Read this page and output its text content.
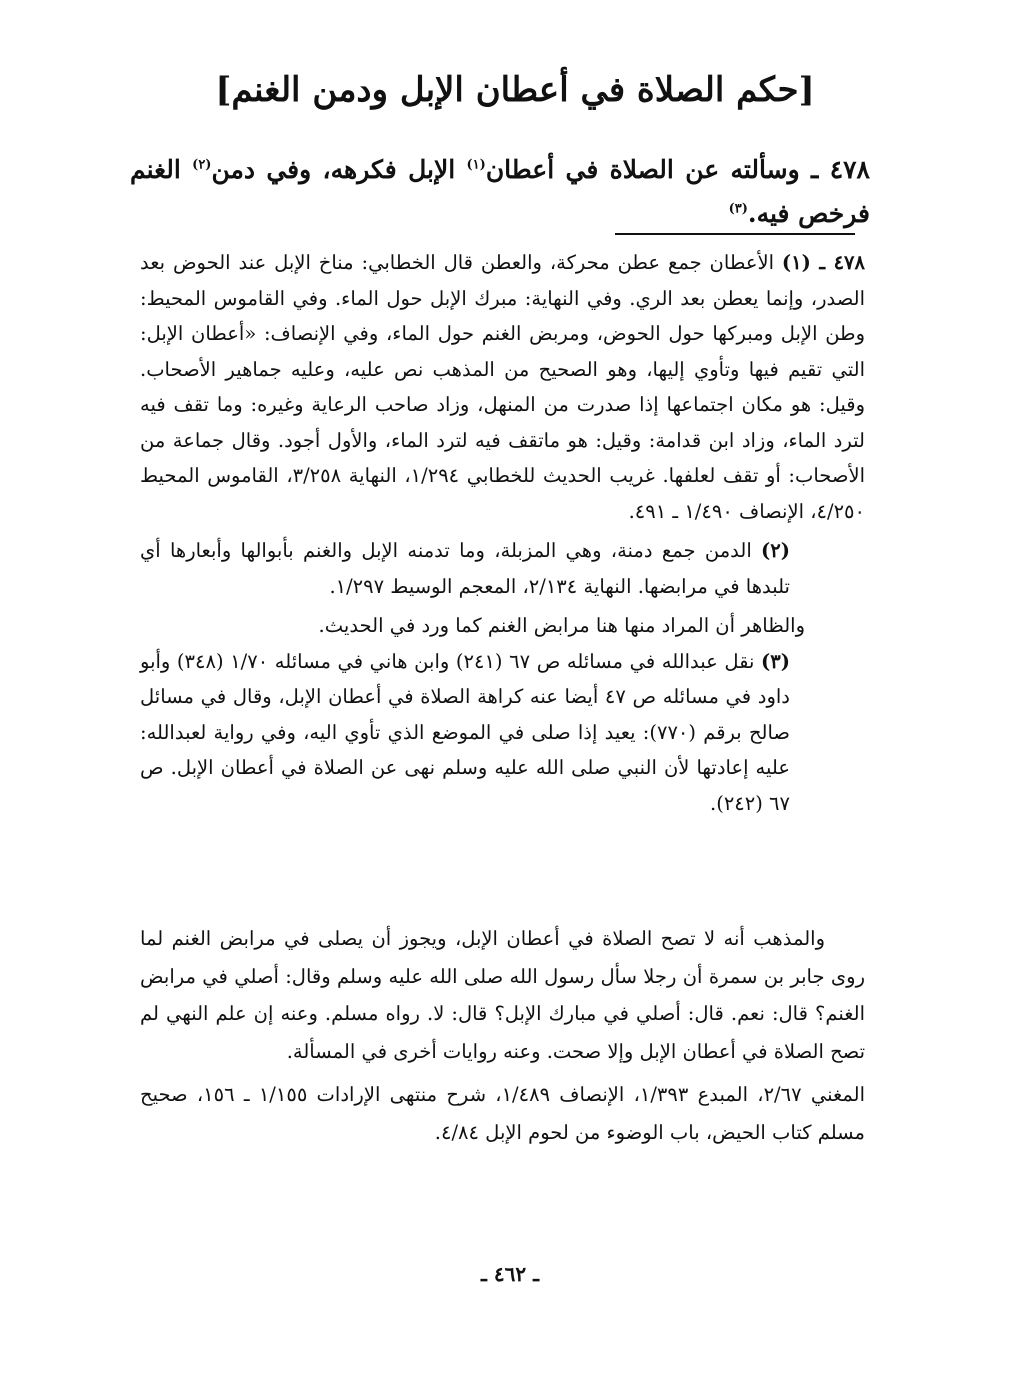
[حكم الصلاة في أعطان الإبل ودمن الغنم]
٤٧٨ ـ وسألته عن الصلاة في أعطان$^{(١)}$ الإبل فكرهه، وفي دمن$^{(٢)}$ الغنم فرخص فيه.$^{(٣)}$

٤٧٨ ـ (١) الأعطان جمع عطن محركة، والعطن قال الخطابي: مناخ الإبل عند الحوض بعد الصدر، وإنما يعطن بعد الري. وفي النهاية: مبرك الإبل حول الماء. وفي القاموس المحيط: وطن الإبل ومبركها حول الحوض، ومربض الغنم حول الماء، وفي الإنصاف: «أعطان الإبل: التي تقيم فيها وتأوي إليها، وهو الصحيح من المذهب نص عليه، وعليه جماهير الأصحاب. وقيل: هو مكان اجتماعها إذا صدرت من المنهل، وزاد صاحب الرعاية وغيره: وما تقف فيه لترد الماء، وزاد ابن قدامة: وقيل: هو ماتقف فيه لترد الماء، والأول أجود. وقال جماعة من الأصحاب: أو تقف لعلفها. غريب الحديث للخطابي ١/٢٩٤، النهاية ٣/٢٥٨، القاموس المحيط ٤/٢٥٠، الإنصاف ١/٤٩٠ ـ ٤٩١.

(٢) الدمن جمع دمنة، وهي المزبلة، وما تدمنه الإبل والغنم بأبوالها وأبعارها أي تلبدها في مرابضها. النهاية ٢/١٣٤، المعجم الوسيط ١/٢٩٧.

والظاهر أن المراد منها هنا مرابض الغنم كما ورد في الحديث.

(٣) نقل عبدالله في مسائله ص ٦٧ (٢٤١) وابن هاني في مسائله ١/٧٠ (٣٤٨) وأبو داود في مسائله ص ٤٧ أيضا عنه كراهة الصلاة في أعطان الإبل، وقال في مسائل صالح برقم (٧٧٠): يعيد إذا صلى في الموضع الذي تأوي اليه، وفي رواية لعبدالله: عليه إعادتها لأن النبي صلى الله عليه وسلم نهى عن الصلاة في أعطان الإبل. ص ٦٧ (٢٤٢).

والمذهب أنه لا تصح الصلاة في أعطان الإبل، ويجوز أن يصلى في مرابض الغنم لما روى جابر بن سمرة أن رجلا سأل رسول الله صلى الله عليه وسلم وقال: أصلي في مرابض الغنم؟ قال: نعم. قال: أصلي في مبارك الإبل؟ قال: لا. رواه مسلم. وعنه إن علم النهي لم تصح الصلاة في أعطان الإبل وإلا صحت. وعنه روايات أخرى في المسألة.

المغني ٢/٦٧، المبدع ١/٣٩٣، الإنصاف ١/٤٨٩، شرح منتهى الإرادات ١/١٥٥ ـ ١٥٦، صحيح مسلم كتاب الحيض، باب الوضوء من لحوم الإبل ٤/٨٤.

ـ ٤٦٢ ـ
